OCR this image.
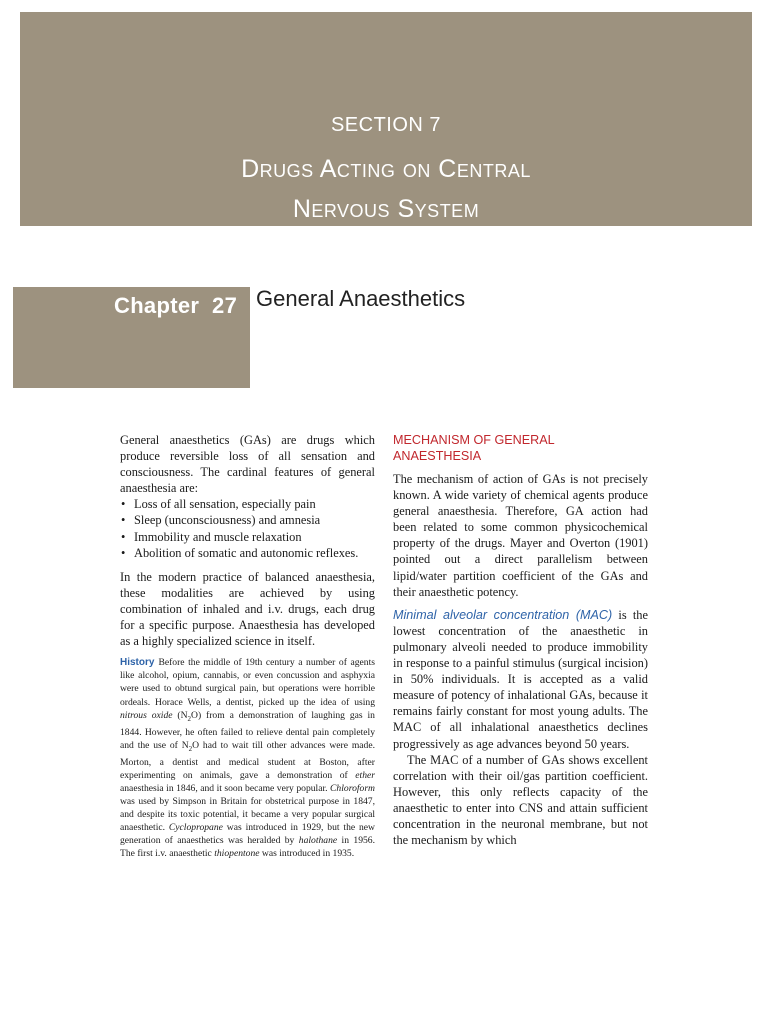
SECTION 7
Drugs Acting on Central
Nervous System
Chapter  27 General Anaesthetics

General anaesthetics (GAs) are drugs which produce reversible loss of all sensation and consciousness. The cardinal features of general anaesthesia are:

• Loss of all sensation, especially pain
• Sleep (unconsciousness) and amnesia
• Immobility and muscle relaxation
• Abolition of somatic and autonomic reflexes.

In the modern practice of balanced anaesthesia, these modalities are achieved by using combination of inhaled and i.v. drugs, each drug for a specific purpose. Anaesthesia has developed as a highly specialized science in itself.

History Before the middle of 19th century a number of agents like alcohol, opium, cannabis, or even concussion and asphyxia were used to obtund surgical pain, but operations were horrible ordeals. Horace Wells, a dentist, picked up the idea of using nitrous oxide $(N_2O)$ from a demonstration of laughing gas in 1844. However, he often failed to relieve dental pain completely and the use of $N_2O$ had to wait till other advances were made. Morton, a dentist and medical student at Boston, after experimenting on animals, gave a demonstration of ether anaesthesia in 1846, and it soon became very popular. Chloroform was used by Simpson in Britain for obstetrical purpose in 1847, and despite its toxic potential, it became a very popular surgical anaesthetic. Cyclopropane was introduced in 1929, but the new generation of anaesthetics was heralded by halothane in 1956. The first i.v. anaesthetic thiopentone was introduced in 1935.

MECHANISM OF GENERAL
ANAESTHESIA

The mechanism of action of GAs is not precisely known. A wide variety of chemical agents produce general anaesthesia. Therefore, GA action had been related to some common physicochemical property of the drugs. Mayer and Overton (1901) pointed out a direct parallelism between lipid/water partition coefficient of the GAs and their anaesthetic potency.

Minimal alveolar concentration (MAC) is the lowest concentration of the anaesthetic in pulmonary alveoli needed to produce immobility in response to a painful stimulus (surgical incision) in 50% individuals. It is accepted as a valid measure of potency of inhalational GAs, because it remains fairly constant for most young adults. The MAC of all inhalational anaesthetics declines progressively as age advances beyond 50 years.

The MAC of a number of GAs shows excellent correlation with their oil/gas partition coefficient. However, this only reflects capacity of the anaesthetic to enter into CNS and attain sufficient concentration in the neuronal membrane, but not the mechanism by which
